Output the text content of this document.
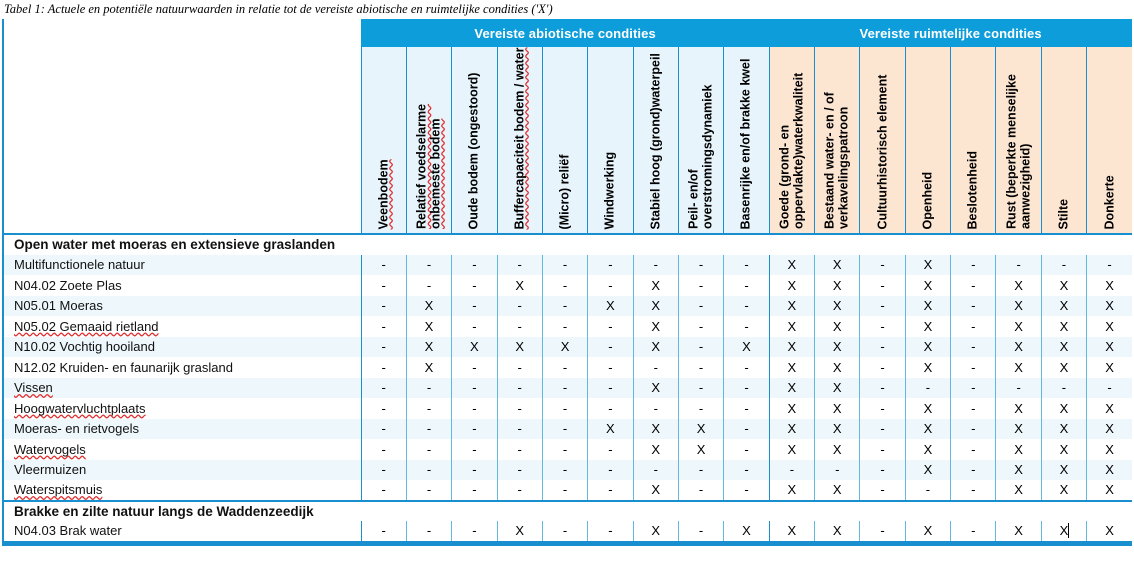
Tabel 1: Actuele en potentiële natuurwaarden in relatie tot de vereiste abiotische en ruimtelijke condities ('X')
	Vereiste abiotische condities									Vereiste ruimtelijke condities							

	Veenbodem	Relatief voedselarme onbemeste bodem	Oude bodem (ongestoord)	Buffercapaciteit bodem / water	(Micro) reliëf	Windwerking	Stabiel hoog (grond)waterpeil	Peil- en/of overstromingsdynamiek	Basenrijke en/of brakke kwel	Goede (grond- en oppervlakte)waterkwaliteit	Bestaand water- en / of verkavelingspatroon	Cultuurhistorisch element	Openheid	Beslotenheid	Rust (beperkte menselijke aanwezigheid)	Stilte	Donkerte

Open water met moeras en extensieve graslanden																	
Multifunctionele natuur	-	-	-	-	-	-	-	-	-	X	X	-	X	-	-	-	-
N04.02 Zoete Plas	-	-	-	X	-	-	X	-	-	X	X	-	X	-	X	X	X
N05.01 Moeras	-	X	-	-	-	X	X	-	-	X	X	-	X	-	X	X	X
N05.02 Gemaaid rietland	-	X	-	-	-	-	X	-	-	X	X	-	X	-	X	X	X
N10.02 Vochtig hooiland	-	X	X	X	X	-	X	-	X	X	X	-	X	-	X	X	X
N12.02 Kruiden- en faunarijk grasland	-	X	-	-	-	-	-	-	-	X	X	-	X	-	X	X	X
Vissen	-	-	-	-	-	-	X	-	-	X	X	-	-	-	-	-	-
Hoogwatervluchtplaats	-	-	-	-	-	-	-	-	-	X	X	-	X	-	X	X	X
Moeras- en rietvogels	-	-	-	-	-	X	X	X	-	X	X	-	X	-	X	X	X
Watervogels	-	-	-	-	-	-	X	X	-	X	X	-	X	-	X	X	X
Vleermuizen	-	-	-	-	-	-	-	-	-	-	-	-	X	-	X	X	X
Waterspitsmuis	-	-	-	-	-	-	X	-	-	X	X	-	-	-	X	X	X
Brakke en zilte natuur langs de Waddenzeedijk																	
N04.03 Brak water	-	-	-	X	-	-	X	-	X	X	X	-	X	-	X	X	X
